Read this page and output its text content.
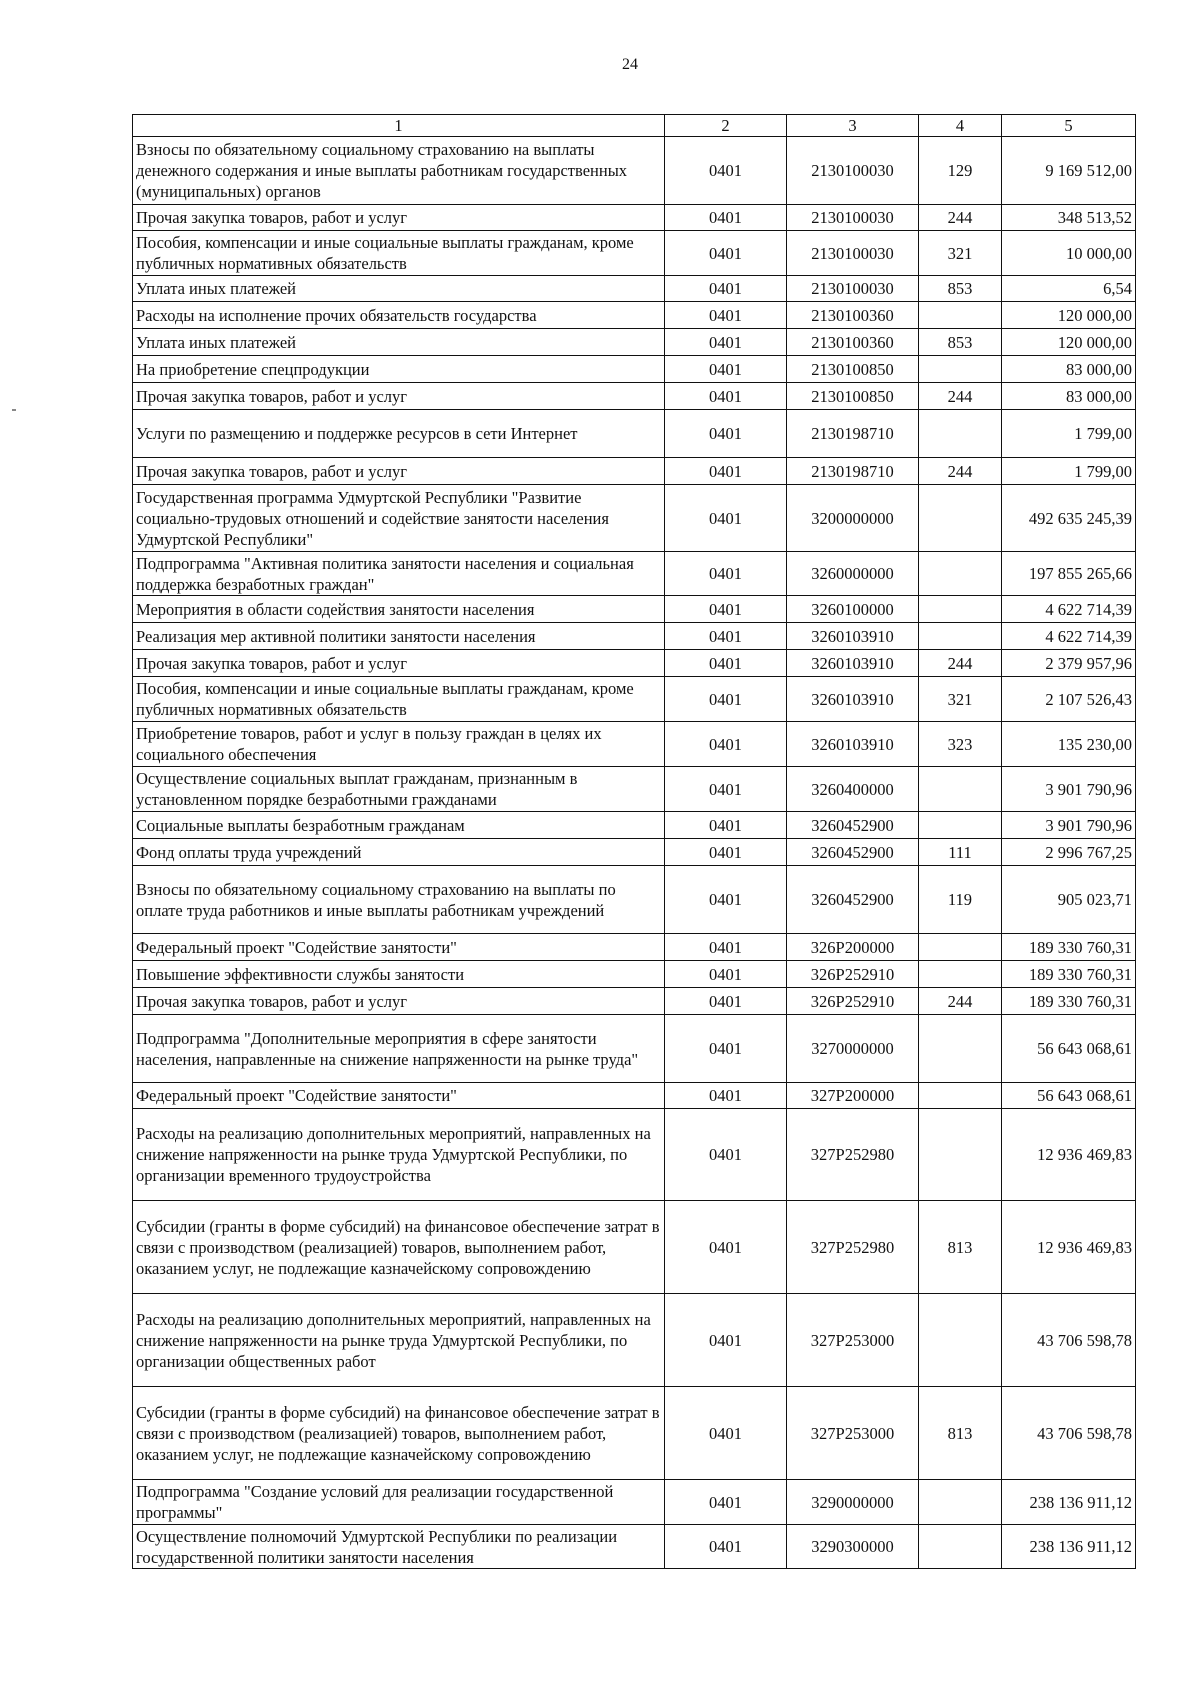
24
1	2	3	4	5
Взносы по обязательному социальному страхованию на выплаты денежного содержания и иные выплаты работникам государственных (муниципальных) органов	0401	2130100030	129	9 169 512,00
Прочая закупка товаров, работ и услуг	0401	2130100030	244	348 513,52
Пособия, компенсации и иные социальные выплаты гражданам, кроме публичных нормативных обязательств	0401	2130100030	321	10 000,00
Уплата иных платежей	0401	2130100030	853	6,54
Расходы на исполнение прочих обязательств государства	0401	2130100360		120 000,00
Уплата иных платежей	0401	2130100360	853	120 000,00
На приобретение спецпродукции	0401	2130100850		83 000,00
Прочая закупка товаров, работ и услуг	0401	2130100850	244	83 000,00
Услуги по размещению и поддержке ресурсов в сети Интернет	0401	2130198710		1 799,00
Прочая закупка товаров, работ и услуг	0401	2130198710	244	1 799,00
Государственная программа Удмуртской Республики "Развитие социально-трудовых отношений и содействие занятости населения Удмуртской Республики"	0401	3200000000		492 635 245,39
Подпрограмма "Активная политика занятости населения и социальная поддержка безработных граждан"	0401	3260000000		197 855 265,66
Мероприятия в области содействия занятости населения	0401	3260100000		4 622 714,39
Реализация мер активной политики занятости населения	0401	3260103910		4 622 714,39
Прочая закупка товаров, работ и услуг	0401	3260103910	244	2 379 957,96
Пособия, компенсации и иные социальные выплаты гражданам, кроме публичных нормативных обязательств	0401	3260103910	321	2 107 526,43
Приобретение товаров, работ и услуг в пользу граждан в целях их социального обеспечения	0401	3260103910	323	135 230,00
Осуществление социальных выплат гражданам, признанным в установленном порядке безработными гражданами	0401	3260400000		3 901 790,96
Социальные выплаты безработным гражданам	0401	3260452900		3 901 790,96
Фонд оплаты труда учреждений	0401	3260452900	111	2 996 767,25
Взносы по обязательному социальному страхованию на выплаты по оплате труда работников и иные выплаты работникам учреждений	0401	3260452900	119	905 023,71
Федеральный проект "Содействие занятости"	0401	326P200000		189 330 760,31
Повышение эффективности службы занятости	0401	326P252910		189 330 760,31
Прочая закупка товаров, работ и услуг	0401	326P252910	244	189 330 760,31
Подпрограмма "Дополнительные мероприятия в сфере занятости населения, направленные на снижение напряженности на рынке труда"	0401	3270000000		56 643 068,61
Федеральный проект "Содействие занятости"	0401	327P200000		56 643 068,61
Расходы на реализацию дополнительных мероприятий, направленных на снижение напряженности на рынке труда Удмуртской Республики, по организации временного трудоустройства	0401	327P252980		12 936 469,83
Субсидии (гранты в форме субсидий) на финансовое обеспечение затрат в связи с производством (реализацией) товаров, выполнением работ, оказанием услуг, не подлежащие казначейскому сопровождению	0401	327P252980	813	12 936 469,83
Расходы на реализацию дополнительных мероприятий, направленных на снижение напряженности на рынке труда Удмуртской Республики, по организации общественных работ	0401	327P253000		43 706 598,78
Субсидии (гранты в форме субсидий) на финансовое обеспечение затрат в связи с производством (реализацией) товаров, выполнением работ, оказанием услуг, не подлежащие казначейскому сопровождению	0401	327P253000	813	43 706 598,78
Подпрограмма "Создание условий для реализации государственной программы"	0401	3290000000		238 136 911,12
Осуществление полномочий Удмуртской Республики по реализации государственной политики занятости населения	0401	3290300000		238 136 911,12
